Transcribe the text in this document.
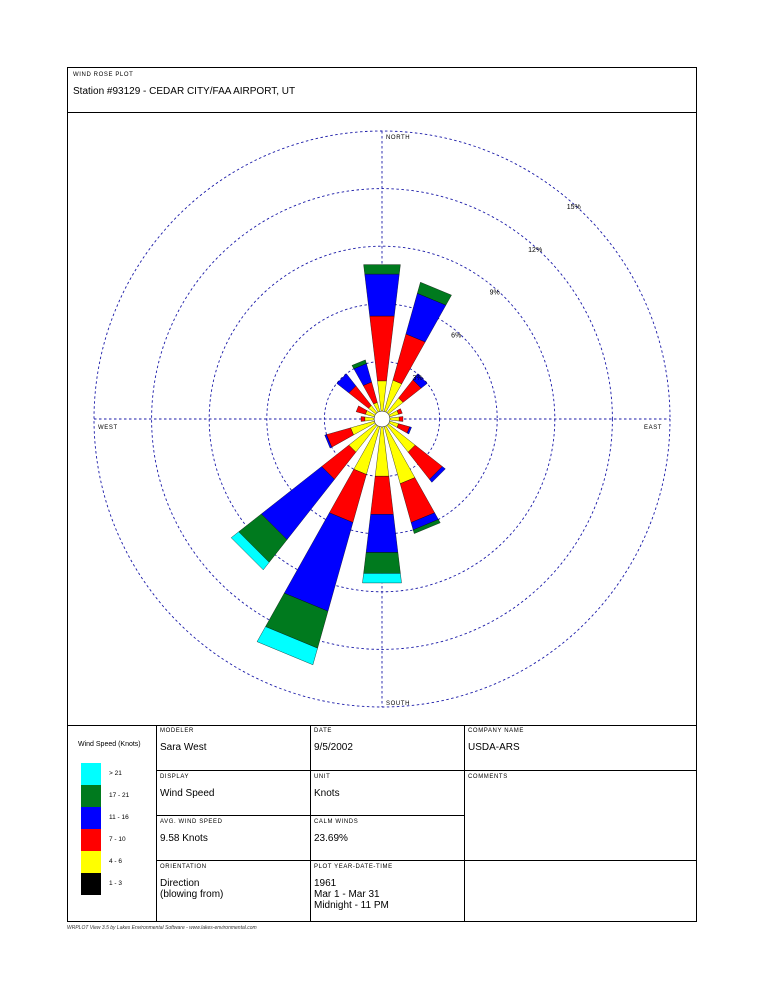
WIND ROSE PLOT
Station #93129 - CEDAR CITY/FAA AIRPORT, UT
3%
6%
9%
12%
15%
NORTH
SOUTH
EAST
WEST
Wind Speed (Knots)
> 21
17 - 21
11 - 16
7 - 10
4 - 6
1 - 3
MODELER
Sara West
DATE
9/5/2002
COMPANY NAME
USDA-ARS
DISPLAY
Wind Speed
UNIT
Knots
COMMENTS
AVG. WIND SPEED
9.58 Knots
CALM WINDS
23.69%
ORIENTATION
Direction
(blowing from)
PLOT YEAR-DATE-TIME
1961
Mar 1 - Mar 31
Midnight - 11 PM
WRPLOT View 3.5 by Lakes Environmental Software - www.lakes-environmental.com
